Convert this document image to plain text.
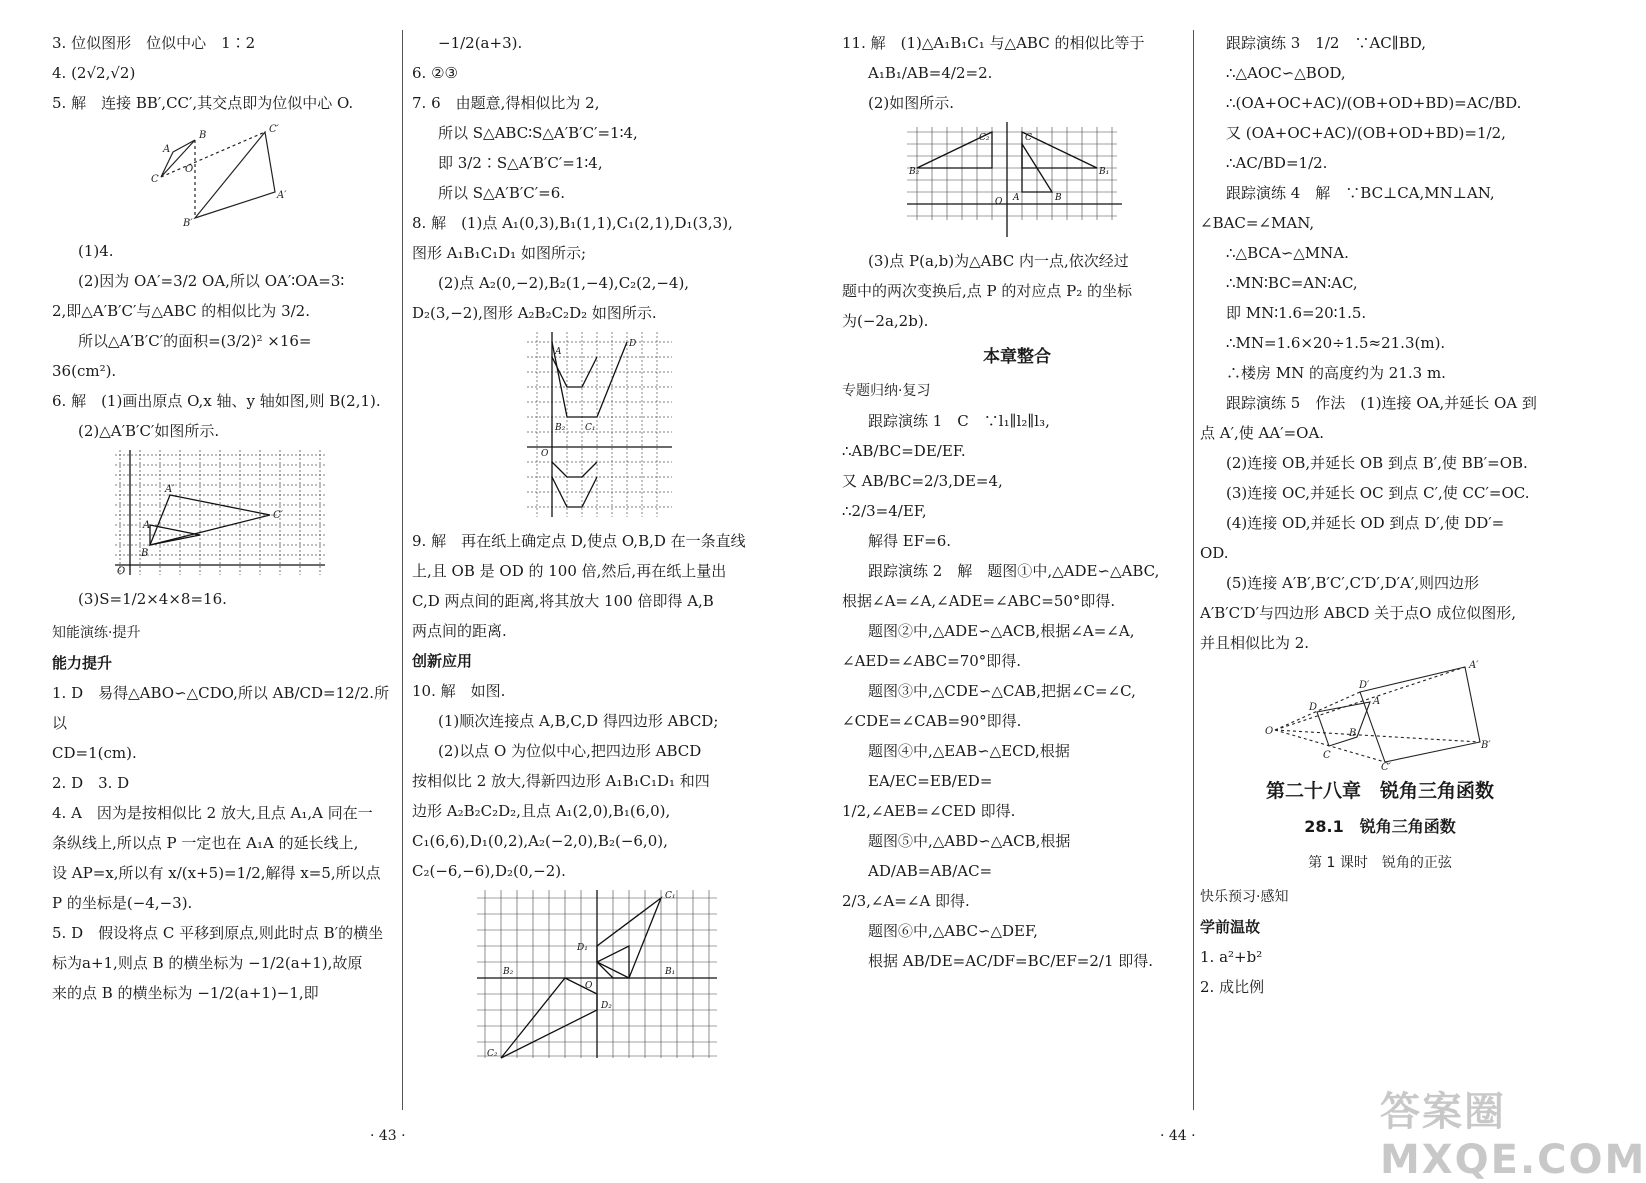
3. 位似图形　位似中心　1∶2

4. (2√2,√2)

5. 解　连接 BB′,CC′,其交点即为位似中心 O.

A
B
C
O
C′
A′
B′

(1)4.

(2)因为 OA′=3/2 OA,所以 OA′∶OA=3∶

2,即△A′B′C′与△ABC 的相似比为 3/2.

所以△A′B′C′的面积=(3/2)² ×16=

36(cm²).

6. 解　(1)画出原点 O,x 轴、y 轴如图,则 B(2,1).

(2)△A′B′C′如图所示.

A′
C′
B
A
O

(3)S=1/2×4×8=16.

知能演练·提升

能力提升

1. D　易得△ABO∽△CDO,所以 AB/CD=12/2.所以

CD=1(cm).

2. D　3. D

4. A　因为是按相似比 2 放大,且点 A₁,A 同在一

条纵线上,所以点 P 一定也在 A₁A 的延长线上,

设 AP=x,所以有 x/(x+5)=1/2,解得 x=5,所以点

P 的坐标是(−4,−3).

5. D　假设将点 C 平移到原点,则此时点 B′的横坐

标为a+1,则点 B 的横坐标为 −1/2(a+1),故原

来的点 B 的横坐标为 −1/2(a+1)−1,即

−1/2(a+3).

6. ②③

7. 6　由题意,得相似比为 2,

所以 S△ABC∶S△A′B′C′=1∶4,

即 3/2∶S△A′B′C′=1∶4,

所以 S△A′B′C′=6.

8. 解　(1)点 A₁(0,3),B₁(1,1),C₁(2,1),D₁(3,3),

图形 A₁B₁C₁D₁ 如图所示;

(2)点 A₂(0,−2),B₂(1,−4),C₂(2,−4),

D₂(3,−2),图形 A₂B₂C₂D₂ 如图所示.

A
D
B₂ C₁
O

9. 解　再在纸上确定点 D,使点 O,B,D 在一条直线

上,且 OB 是 OD 的 100 倍,然后,再在纸上量出

C,D 两点间的距离,将其放大 100 倍即得 A,B

两点间的距离.

创新应用

10. 解　如图.

(1)顺次连接点 A,B,C,D 得四边形 ABCD;

(2)以点 O 为位似中心,把四边形 ABCD

按相似比 2 放大,得新四边形 A₁B₁C₁D₁ 和四

边形 A₂B₂C₂D₂,且点 A₁(2,0),B₁(6,0),

C₁(6,6),D₁(0,2),A₂(−2,0),B₂(−6,0),

C₂(−6,−6),D₂(0,−2).

C₁
D₁
B₂	B₁
O
D₂
C₂
· 43 ·

11. 解　(1)△A₁B₁C₁ 与△ABC 的相似比等于

A₁B₁/AB=4/2=2.

(2)如图所示.

C₂	C
B₂	B₁
O A	B

(3)点 P(a,b)为△ABC 内一点,依次经过

题中的两次变换后,点 P 的对应点 P₂ 的坐标

为(−2a,2b).

本章整合

专题归纳·复习

跟踪演练 1　C　∵l₁∥l₂∥l₃,

∴AB/BC=DE/EF.

又 AB/BC=2/3,DE=4,

∴2/3=4/EF,

解得 EF=6.

跟踪演练 2　解　题图①中,△ADE∽△ABC,

根据∠A=∠A,∠ADE=∠ABC=50°即得.

题图②中,△ADE∽△ACB,根据∠A=∠A,

∠AED=∠ABC=70°即得.

题图③中,△CDE∽△CAB,把据∠C=∠C,

∠CDE=∠CAB=90°即得.

题图④中,△EAB∽△ECD,根据 EA/EC=EB/ED=

1/2,∠AEB=∠CED 即得.

题图⑤中,△ABD∽△ACB,根据 AD/AB=AB/AC=

2/3,∠A=∠A 即得.

题图⑥中,△ABC∽△DEF,

根据 AB/DE=AC/DF=BC/EF=2/1 即得.

跟踪演练 3　1/2　∵AC∥BD,

∴△AOC∽△BOD,

∴(OA+OC+AC)/(OB+OD+BD)=AC/BD.

又 (OA+OC+AC)/(OB+OD+BD)=1/2,

∴AC/BD=1/2.

跟踪演练 4　解　∵BC⊥CA,MN⊥AN,

∠BAC=∠MAN,

∴△BCA∽△MNA.

∴MN∶BC=AN∶AC,

即 MN∶1.6=20∶1.5.

∴MN=1.6×20÷1.5≈21.3(m).

∴楼房 MN 的高度约为 21.3 m.

跟踪演练 5　作法　(1)连接 OA,并延长 OA 到

点 A′,使 AA′=OA.

(2)连接 OB,并延长 OB 到点 B′,使 BB′=OB.

(3)连接 OC,并延长 OC 到点 C′,使 CC′=OC.

(4)连接 OD,并延长 OD 到点 D′,使 DD′=

OD.

(5)连接 A′B′,B′C′,C′D′,D′A′,则四边形

A′B′C′D′与四边形 ABCD 关于点O 成位似图形,

并且相似比为 2.

O
D
A
B
C
D′
A′
B′
C′

第二十八章　锐角三角函数

28.1　锐角三角函数

第 1 课时　锐角的正弦

快乐预习·感知

学前温故

1. a²+b²

2. 成比例

· 44 ·
答案圈 MXQE.COM
